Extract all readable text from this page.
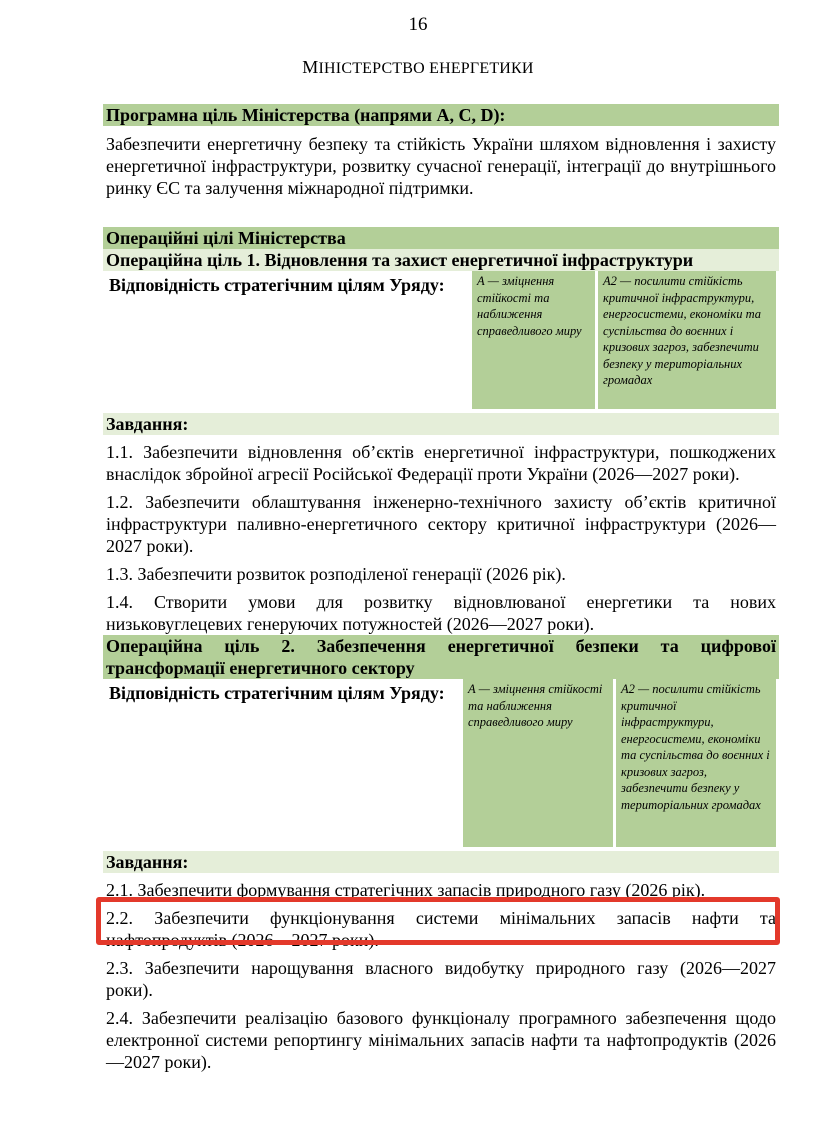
16
МІНІСТЕРСТВО ЕНЕРГЕТИКИ
Програмна ціль Міністерства (напрями A, C, D):
Забезпечити енергетичну безпеку та стійкість України шляхом відновлення і захисту енергетичної інфраструктури, розвитку сучасної генерації, інтеграції до внутрішнього ринку ЄС та залучення міжнародної підтримки.
Операційні цілі Міністерства
Операційна ціль 1. Відновлення та захист енергетичної інфраструктури
Відповідність стратегічним цілям Уряду:	А — зміцнення стійкості та наближення справедливого миру
А2 — посилити стійкість критичної інфраструктури, енергосистеми, економіки та суспільства до воєнних і кризових загроз, забезпечити безпеку у територіальних громадах
Завдання:
1.1. Забезпечити відновлення об’єктів енергетичної інфраструктури, пошкоджених внаслідок збройної агресії Російської Федерації проти України (2026—2027 роки).
1.2. Забезпечити облаштування інженерно-технічного захисту об’єктів критичної інфраструктури паливно-енергетичного сектору критичної інфраструктури (2026—2027 роки).
1.3. Забезпечити розвиток розподіленої генерації (2026 рік).
1.4. Створити умови для розвитку відновлюваної енергетики та нових низьковуглецевих генеруючих потужностей (2026—2027 роки).
Операційна ціль 2. Забезпечення енергетичної безпеки та цифрової трансформації енергетичного сектору
Відповідність стратегічним цілям Уряду:	А — зміцнення стійкості та наближення справедливого миру
А2 — посилити стійкість критичної інфраструктури, енергосистеми, економіки та суспільства до воєнних і кризових загроз, забезпечити безпеку у територіальних громадах
Завдання:
2.1. Забезпечити формування стратегічних запасів природного газу (2026 рік).
2.2. Забезпечити функціонування системи мінімальних запасів нафти та нафтопродуктів (2026—2027 роки).
2.3. Забезпечити нарощування власного видобутку природного газу (2026—2027 роки).
2.4. Забезпечити реалізацію базового функціоналу програмного забезпечення щодо електронної системи репортингу мінімальних запасів нафти та нафтопродуктів (2026—2027 роки).
